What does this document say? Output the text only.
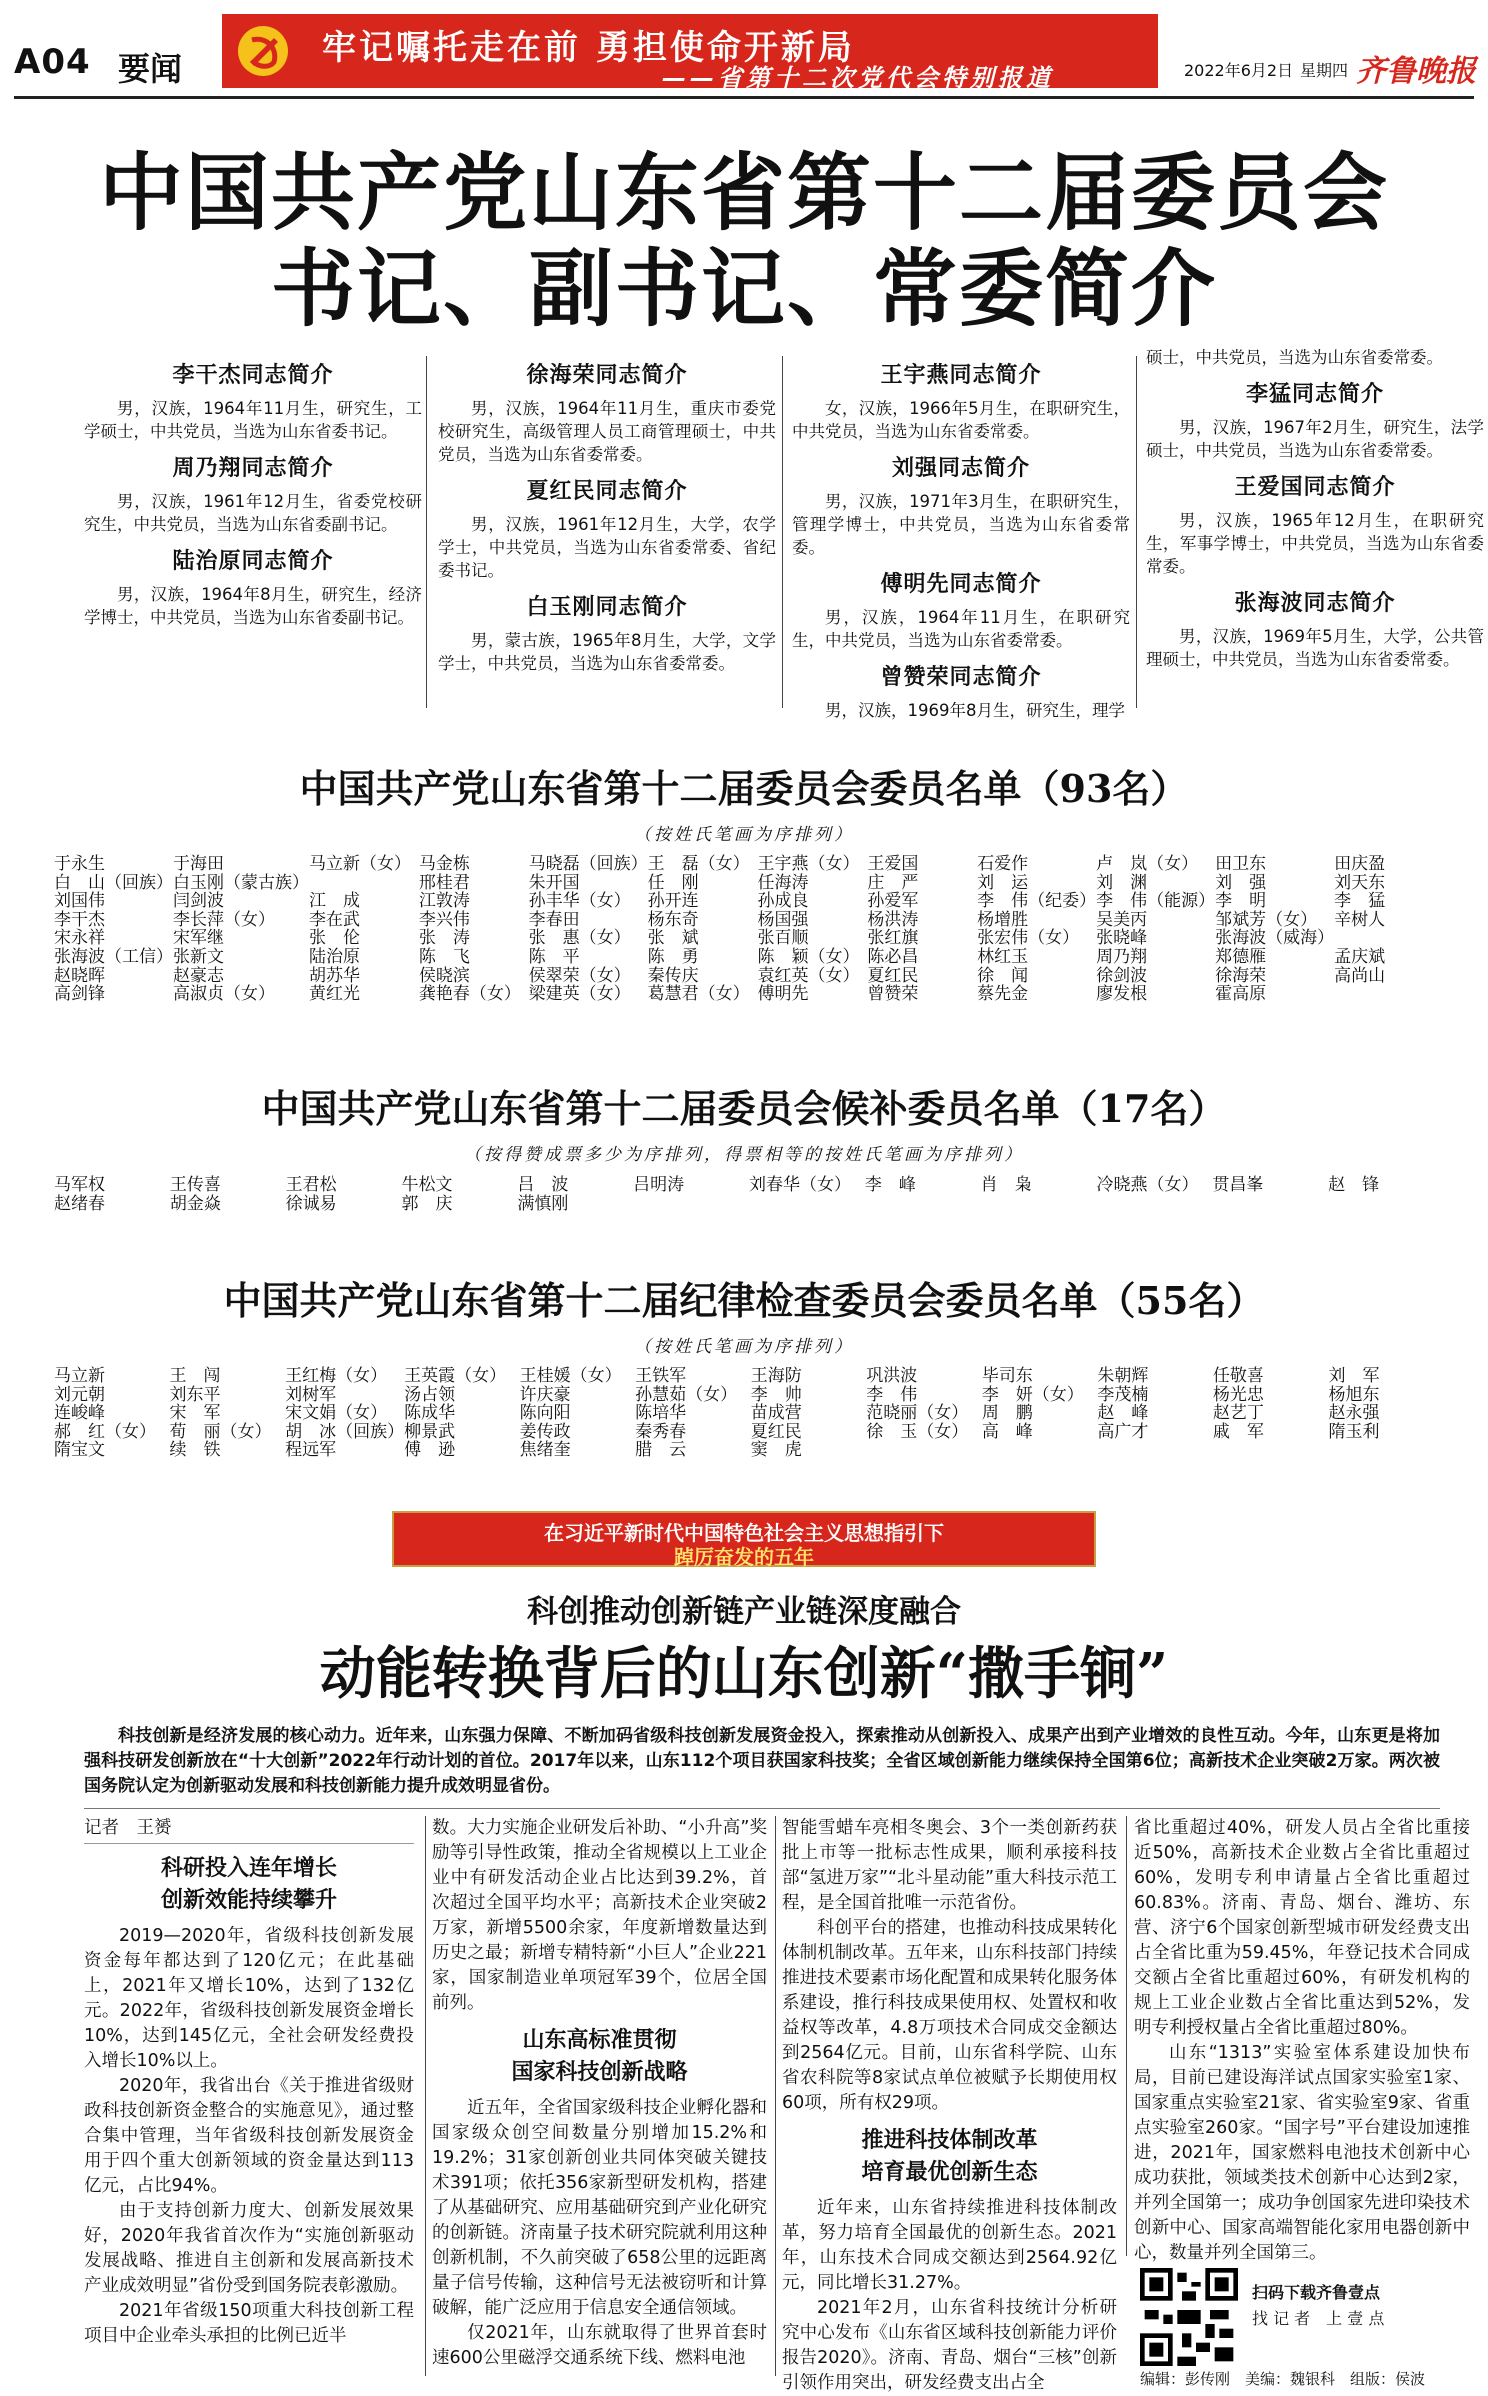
A04 要闻
牢记嘱托走在前 勇担使命开新局
——省第十二次党代会特别报道	2022年6月2日 星期四 齐鲁晚报
中国共产党山东省第十二届委员会
书记、副书记、常委简介
李干杰同志简介

男，汉族，1964年11月生，研究生，工学硕士，中共党员，当选为山东省委书记。

周乃翔同志简介

男，汉族，1961年12月生，省委党校研究生，中共党员，当选为山东省委副书记。

陆治原同志简介

男，汉族，1964年8月生，研究生，经济学博士，中共党员，当选为山东省委副书记。

徐海荣同志简介

男，汉族，1964年11月生，重庆市委党校研究生，高级管理人员工商管理硕士，中共党员，当选为山东省委常委。

夏红民同志简介

男，汉族，1961年12月生，大学，农学学士，中共党员，当选为山东省委常委、省纪委书记。

白玉刚同志简介

男，蒙古族，1965年8月生，大学，文学学士，中共党员，当选为山东省委常委。

王宇燕同志简介

女，汉族，1966年5月生，在职研究生，中共党员，当选为山东省委常委。

刘强同志简介

男，汉族，1971年3月生，在职研究生，管理学博士，中共党员，当选为山东省委常委。

傅明先同志简介

男，汉族，1964年11月生，在职研究生，中共党员，当选为山东省委常委。

曾赞荣同志简介

男，汉族，1969年8月生，研究生，理学

硕士，中共党员，当选为山东省委常委。

李猛同志简介

男，汉族，1967年2月生，研究生，法学硕士，中共党员，当选为山东省委常委。

王爱国同志简介

男，汉族，1965年12月生，在职研究生，军事学博士，中共党员，当选为山东省委常委。

张海波同志简介

男，汉族，1969年5月生，大学，公共管理硕士，中共党员，当选为山东省委常委。

中国共产党山东省第十二届委员会委员名单（93名）
（按姓氏笔画为序排列）
于永生	于海田	马立新（女） 马金栋	马晓磊（回族） 王　磊（女） 王宇燕（女） 王爱国	石爱作	卢　岚（女）	田卫东	田庆盈
白　山（回族） 白玉刚（蒙古族）	邢桂君	朱开国	任　刚	任海涛	庄　严	刘　运	刘　渊	刘　强	刘天东
刘国伟	闫剑波	江　成	江敦涛	孙丰华（女）	孙开连	孙成良	孙爱军	李　伟（纪委） 李　伟（能源） 李　明	李　猛
李干杰	李长萍（女）	李在武	李兴伟	李春田	杨东奇	杨国强	杨洪涛	杨增胜	吴美丙	邹斌芳（女）	辛树人
宋永祥	宋军继	张　伦	张　涛	张　惠（女）	张　斌	张百顺	张红旗	张宏伟（女）	张晓峰	张海波（威海）
张海波（工信） 张新文	陆治原	陈　飞	陈　平	陈　勇	陈　颖（女） 陈必昌	林红玉	周乃翔	郑德雁	孟庆斌
赵晓晖	赵豪志	胡苏华	侯晓滨	侯翠荣（女）	秦传庆	袁红英（女） 夏红民	徐　闻	徐剑波	徐海荣	高尚山
高剑锋	高淑贞（女）	黄红光	龚艳春（女） 梁建英（女）	葛慧君（女） 傅明先	曾赞荣	蔡先金	廖发根	霍高原
中国共产党山东省第十二届委员会候补委员名单（17名）
（按得赞成票多少为序排列，得票相等的按姓氏笔画为序排列）
马军权	王传喜	王君松	牛松文	吕　波	吕明涛	刘春华（女） 李　峰	肖　枭	冷晓燕（女） 贯昌峯	赵　锋
赵绪春	胡金焱	徐诚易	郭　庆	满慎刚
中国共产党山东省第十二届纪律检查委员会委员名单（55名）
（按姓氏笔画为序排列）
马立新	王　闯	王红梅（女）	王英霞（女） 王桂媛（女） 王铁军	王海防	巩洪波	毕司东	朱朝辉	任敬喜	刘　军
刘元朝	刘东平	刘树军	汤占领	许庆豪	孙慧茹（女） 李　帅	李　伟	李　妍（女） 李茂楠	杨光忠	杨旭东
连峻峰	宋　军	宋文娟（女）	陈成华	陈向阳	陈培华	苗成营	范晓丽（女） 周　鹏	赵　峰	赵艺丁	赵永强
郝　红（女） 荀　丽（女） 胡　冰（回族） 柳景武	姜传政	秦秀春	夏红民	徐　玉（女） 高　峰	高广才	戚　军	隋玉利
隋宝文	续　铁	程远军	傅　逊	焦绪奎	腊　云	窦　虎
在习近平新时代中国特色社会主义思想指引下
踔厉奋发的五年
科创推动创新链产业链深度融合
动能转换背后的山东创新“撒手锏”
科技创新是经济发展的核心动力。近年来，山东强力保障、不断加码省级科技创新发展资金投入，探索推动从创新投入、成果产出到产业增效的良性互动。今年，山东更是将加强科技研发创新放在“十大创新”2022年行动计划的首位。2017年以来，山东112个项目获国家科技奖；全省区域创新能力继续保持全国第6位；高新技术企业突破2万家。两次被国务院认定为创新驱动发展和科技创新能力提升成效明显省份。

记者　王赟

科研投入连年增长
创新效能持续攀升

2019—2020年，省级科技创新发展资金每年都达到了120亿元；在此基础上，2021年又增长10%，达到了132亿元。2022年，省级科技创新发展资金增长10%，达到145亿元，全社会研发经费投入增长10%以上。

2020年，我省出台《关于推进省级财政科技创新资金整合的实施意见》，通过整合集中管理，当年省级科技创新发展资金用于四个重大创新领域的资金量达到113亿元，占比94%。

由于支持创新力度大、创新发展效果好，2020年我省首次作为“实施创新驱动发展战略、推进自主创新和发展高新技术产业成效明显”省份受到国务院表彰激励。

2021年省级150项重大科技创新工程项目中企业牵头承担的比例已近半

数。大力实施企业研发后补助、“小升高”奖励等引导性政策，推动全省规模以上工业企业中有研发活动企业占比达到39.2%，首次超过全国平均水平；高新技术企业突破2万家，新增5500余家，年度新增数量达到历史之最；新增专精特新“小巨人”企业221家，国家制造业单项冠军39个，位居全国前列。

山东高标准贯彻
国家科技创新战略

近五年，全省国家级科技企业孵化器和国家级众创空间数量分别增加15.2%和19.2%；31家创新创业共同体突破关键技术391项；依托356家新型研发机构，搭建了从基础研究、应用基础研究到产业化研究的创新链。济南量子技术研究院就利用这种创新机制，不久前突破了658公里的远距离量子信号传输，这种信号无法被窃听和计算破解，能广泛应用于信息安全通信领域。

仅2021年，山东就取得了世界首套时速600公里磁浮交通系统下线、燃料电池

智能雪蜡车亮相冬奥会、3个一类创新药获批上市等一批标志性成果，顺利承接科技部“氢进万家”“北斗星动能”重大科技示范工程，是全国首批唯一示范省份。

科创平台的搭建，也推动科技成果转化体制机制改革。五年来，山东科技部门持续推进技术要素市场化配置和成果转化服务体系建设，推行科技成果使用权、处置权和收益权等改革，4.8万项技术合同成交金额达到2564亿元。目前，山东省科学院、山东省农科院等8家试点单位被赋予长期使用权60项，所有权29项。

推进科技体制改革
培育最优创新生态

近年来，山东省持续推进科技体制改革，努力培育全国最优的创新生态。2021年，山东技术合同成交额达到2564.92亿元，同比增长31.27%。

2021年2月，山东省科技统计分析研究中心发布《山东省区域科技创新能力评价报告2020》。济南、青岛、烟台“三核”创新引领作用突出，研发经费支出占全

省比重超过40%，研发人员占全省比重接近50%，高新技术企业数占全省比重超过60%，发明专利申请量占全省比重超过60.83%。济南、青岛、烟台、潍坊、东营、济宁6个国家创新型城市研发经费支出占全省比重为59.45%，年登记技术合同成交额占全省比重超过60%，有研发机构的规上工业企业数占全省比重达到52%，发明专利授权量占全省比重超过80%。

山东“1313”实验室体系建设加快布局，目前已建设海洋试点国家实验室1家、国家重点实验室21家、省实验室9家、省重点实验室260家。“国字号”平台建设加速推进，2021年，国家燃料电池技术创新中心成功获批，领域类技术创新中心达到2家，并列全国第一；成功争创国家先进印染技术创新中心、国家高端智能化家用电器创新中心，数量并列全国第三。

扫码下载齐鲁壹点
找 记 者　上 壹 点
编辑：彭传刚　美编：魏银科　组版：侯波
